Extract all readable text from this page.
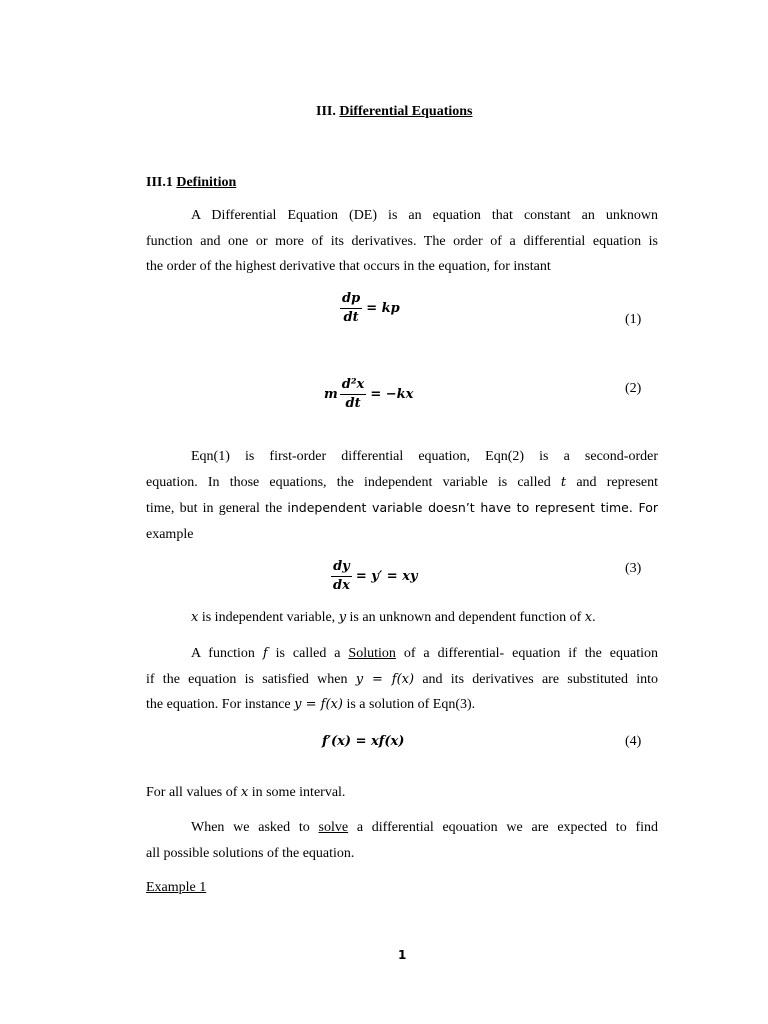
III. Differential Equations
III.1 Definition
A Differential Equation (DE) is an equation that constant an unknown
function and one or more of its derivatives. The order of a differential equation is
the order of the highest derivative that occurs in the equation, for instant
$\frac{dp}{dt}$ = kp
(1)
m $\frac{\text{d²x}}{dt} = -kx$	(2)
Eqn(1) is first-order differential equation, Eqn(2) is a second-order
equation. In those equations, the independent variable is called t and represent
time, but in general the independent variable doesn’t have to represent time. For
example
$\frac{dy}{dx} = y'$ = xy
(3)
x is independent variable, y is an unknown and dependent function of x.
A function f is called a Solution of a differential- equation if the equation
if the equation is satisfied when y = f(x) and its derivatives are substituted into
the equation. For instance y = f(x) is a solution of Eqn(3).
f′(x) = xf(x)	(4)
For all values of x in some interval.
When we asked to solve a differential eqouation we are expected to find
all possible solutions of the equation.
Example 1
1
